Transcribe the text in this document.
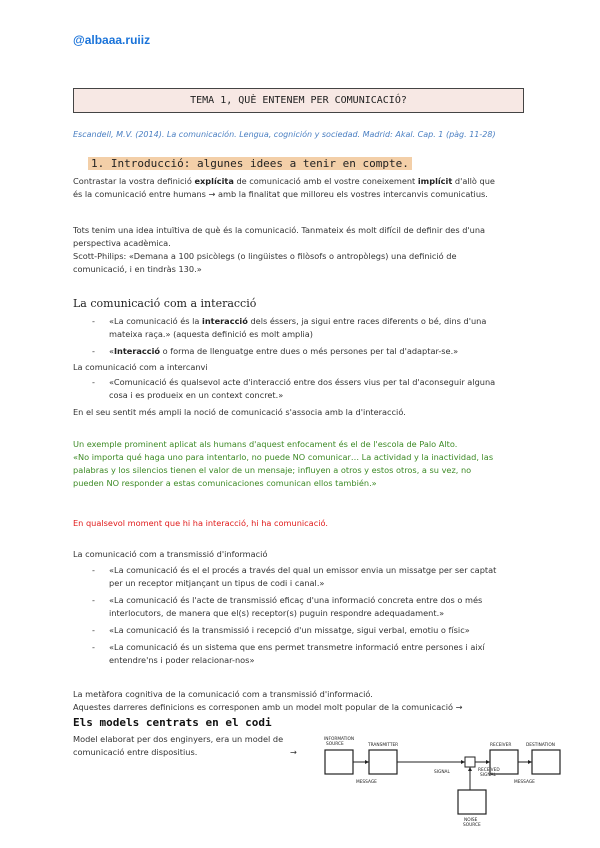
@albaaa.ruiiz
TEMA 1, QUÈ ENTENEM PER COMUNICACIÓ?
Escandell, M.V. (2014). La comunicación. Lengua, cognición y sociedad. Madrid: Akal. Cap. 1 (pàg. 11-28)
1. Introducció: algunes idees a tenir en compte.
Contrastar la vostra definició explícita de comunicació amb el vostre coneixement implícit d'allò que
és la comunicació entre humans → amb la finalitat que milloreu els vostres intercanvis comunicatius.
Tots tenim una idea intuïtiva de què és la comunicació. Tanmateix és molt difícil de definir des d'una
perspectiva acadèmica.
Scott-Philips: «Demana a 100 psicòlegs (o lingüistes o filòsofs o antropòlegs) una definició de
comunicació, i en tindràs 130.»
La comunicació com a interacció
- «La comunicació és la interacció dels éssers, ja sigui entre races diferents o bé, dins d'una
mateixa raça.» (aquesta definició es molt amplia)
- «Interacció o forma de llenguatge entre dues o més persones per tal d'adaptar-se.»
La comunicació com a intercanvi
- «Comunicació és qualsevol acte d'interacció entre dos éssers vius per tal d'aconseguir alguna
cosa i es produeix en un context concret.»
En el seu sentit més ampli la noció de comunicació s'associa amb la d'interacció.
Un exemple prominent aplicat als humans d'aquest enfocament és el de l'escola de Palo Alto.
«No importa qué haga uno para intentarlo, no puede NO comunicar… La actividad y la inactividad, las
palabras y los silencios tienen el valor de un mensaje; influyen a otros y estos otros, a su vez, no
pueden NO responder a estas comunicaciones comunican ellos también.»
En qualsevol moment que hi ha interacció, hi ha comunicació.
La comunicació com a transmissió d'informació
- «La comunicació és el el procés a través del qual un emissor envia un missatge per ser captat
per un receptor mitjançant un tipus de codi i canal.»
- «La comunicació és l'acte de transmissió eficaç d'una informació concreta entre dos o més
interlocutors, de manera que el(s) receptor(s) puguin respondre adequadament.»
- «La comunicació és la transmissió i recepció d'un missatge, sigui verbal, emotiu o físic»
- «La comunicació és un sistema que ens permet transmetre informació entre persones i així
entendre'ns i poder relacionar-nos»
La metàfora cognitiva de la comunicació com a transmissió d'informació.
Aquestes darreres definicions es corresponen amb un model molt popular de la comunicació →
Els models centrats en el codi
Model elaborat per dos enginyers, era un model de
comunicació entre dispositius.	→
INFORMATION SOURCE	TRANSMITTER	RECEIVER	DESTINATION
MESSAGE
SIGNAL	RECEIVED SIGNAL
MESSAGE
NOISE SOURCE
